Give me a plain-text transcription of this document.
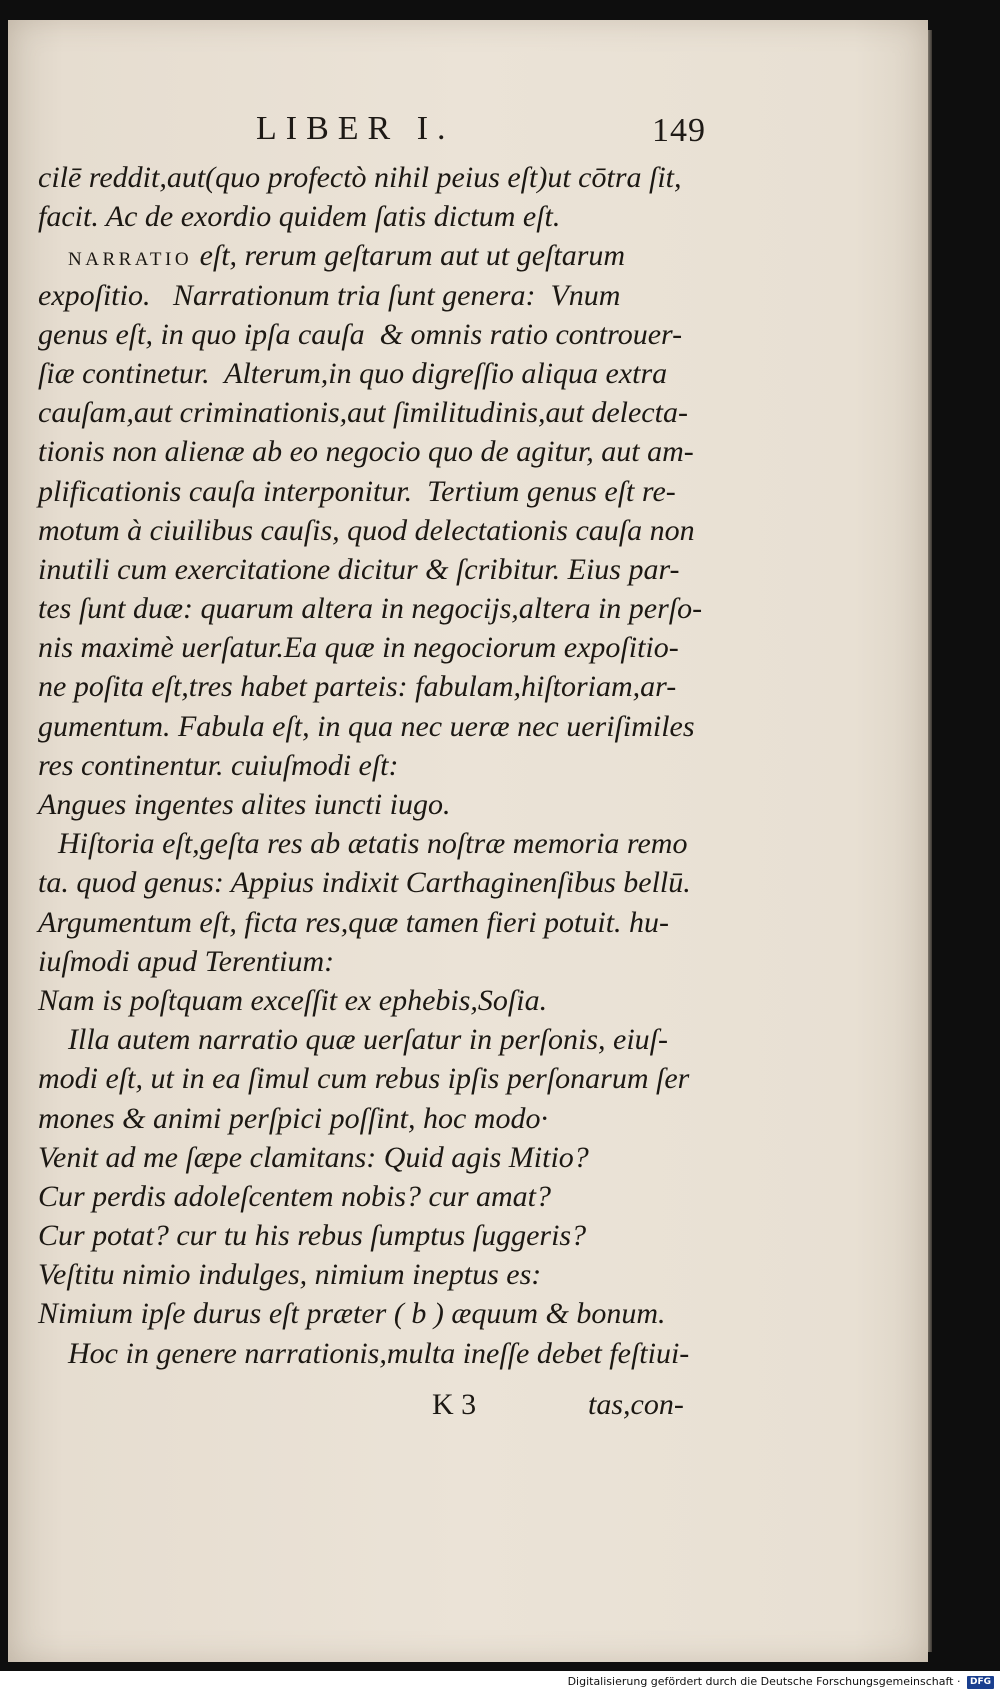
LIBER I.	149
cilē reddit,aut(quo profectò nihil peius eſt)ut cōtra ſit,
facit. Ac de exordio quidem ſatis dictum eſt.
NARRATIO eſt, rerum geſtarum aut ut geſtarum
expoſitio.   Narrationum tria ſunt genera:  Vnum
genus eſt, in quo ipſa cauſa  & omnis ratio controuer-
ſiæ continetur.  Alterum,in quo digreſſio aliqua extra
cauſam,aut criminationis,aut ſimilitudinis,aut delecta-
tionis non alienæ ab eo negocio quo de agitur, aut am-
plificationis cauſa interponitur.  Tertium genus eſt re-
motum à ciuilibus cauſis, quod delectationis cauſa non
inutili cum exercitatione dicitur & ſcribitur. Eius par-
tes ſunt duæ: quarum altera in negocijs,altera in perſo-
nis maximè uerſatur.Ea quæ in negociorum expoſitio-
ne poſita eſt,tres habet parteis: fabulam,hiſtoriam,ar-
gumentum. Fabula eſt, in qua nec ueræ nec ueriſimiles
res continentur. cuiuſmodi eſt:
Angues ingentes alites iuncti iugo.
Hiſtoria eſt,geſta res ab ætatis noſtræ memoria remo
ta. quod genus: Appius indixit Carthaginenſibus bellū.
Argumentum eſt, ficta res,quæ tamen fieri potuit. hu-
iuſmodi apud Terentium:
Nam is poſtquam exceſſit ex ephebis,Soſia.
Illa autem narratio quæ uerſatur in perſonis, eiuſ-
modi eſt, ut in ea ſimul cum rebus ipſis perſonarum ſer
mones & animi perſpici poſſint, hoc modo·
Venit ad me ſæpe clamitans: Quid agis Mitio?
Cur perdis adoleſcentem nobis? cur amat?
Cur potat? cur tu his rebus ſumptus ſuggeris?
Veſtitu nimio indulges, nimium ineptus es:
Nimium ipſe durus eſt præter ( b ) æquum & bonum.
Hoc in genere narrationis,multa ineſſe debet feſtiui-
K 3	tas,con-
Digitalisierung gefördert durch die Deutsche Forschungsgemeinschaft · DFG
